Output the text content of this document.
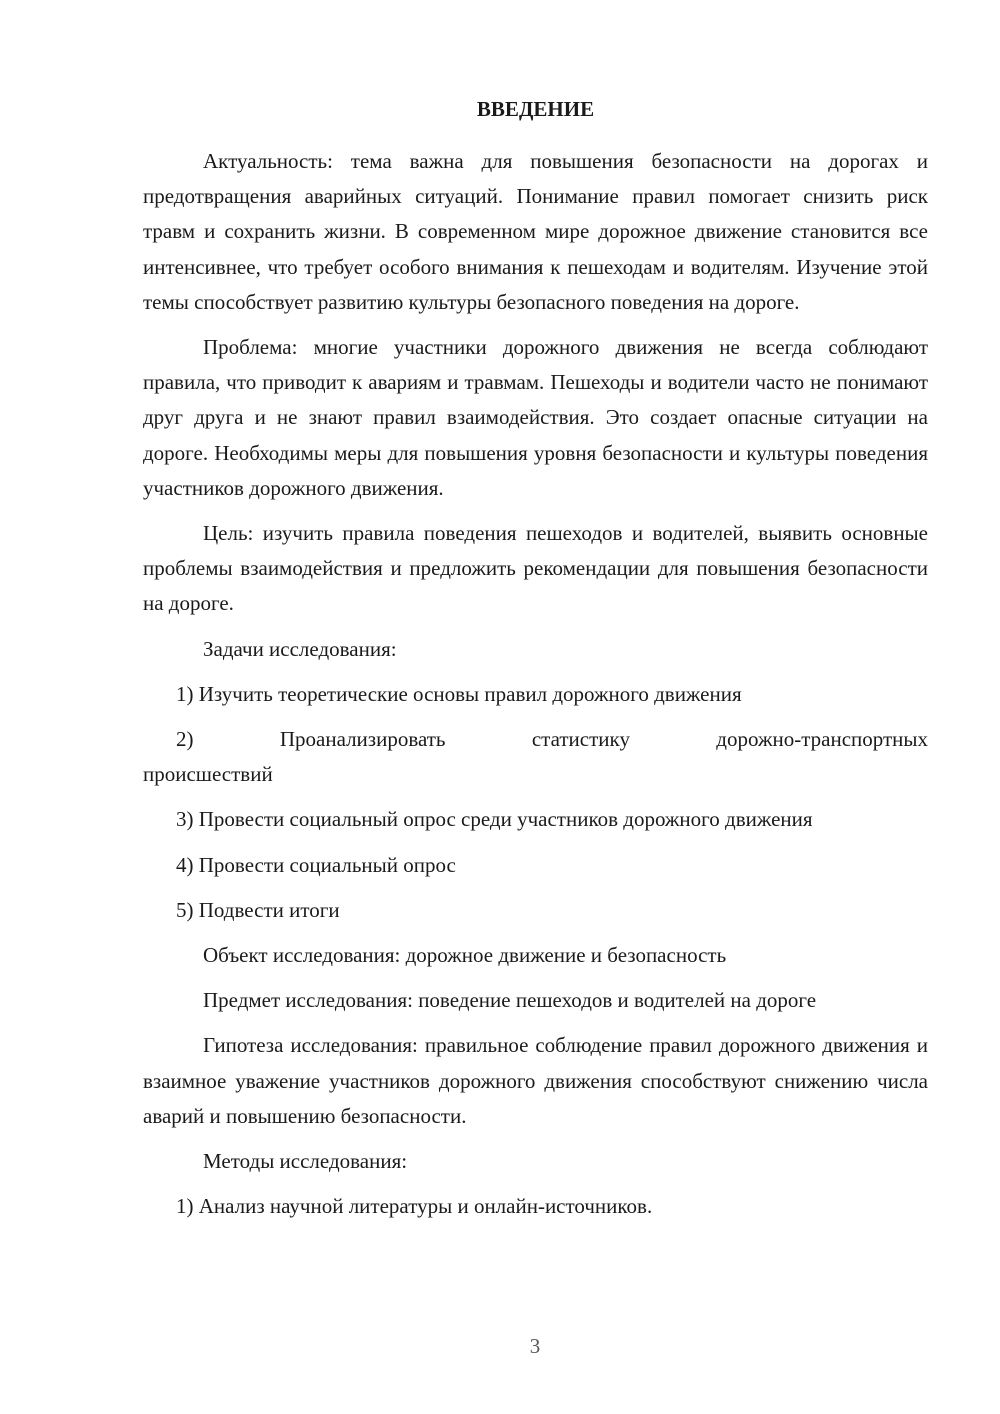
ВВЕДЕНИЕ

Актуальность: тема важна для повышения безопасности на дорогах и предотвращения аварийных ситуаций. Понимание правил помогает снизить риск травм и сохранить жизни. В современном мире дорожное движение становится все интенсивнее, что требует особого внимания к пешеходам и водителям. Изучение этой темы способствует развитию культуры безопасного поведения на дороге.

Проблема: многие участники дорожного движения не всегда соблюдают правила, что приводит к авариям и травмам. Пешеходы и водители часто не понимают друг друга и не знают правил взаимодействия. Это создает опасные ситуации на дороге. Необходимы меры для повышения уровня безопасности и культуры поведения участников дорожного движения.

Цель: изучить правила поведения пешеходов и водителей, выявить основные проблемы взаимодействия и предложить рекомендации для повышения безопасности на дороге.

Задачи исследования:

1) Изучить теоретические основы правил дорожного движения

2) Проанализировать статистику дорожно-транспортных
происшествий

3) Провести социальный опрос среди участников дорожного движения

4) Провести социальный опрос

5) Подвести итоги

Объект исследования: дорожное движение и безопасность

Предмет исследования: поведение пешеходов и водителей на дороге

Гипотеза исследования: правильное соблюдение правил дорожного движения и взаимное уважение участников дорожного движения способствуют снижению числа аварий и повышению безопасности.

Методы исследования:

1) Анализ научной литературы и онлайн-источников.

3
